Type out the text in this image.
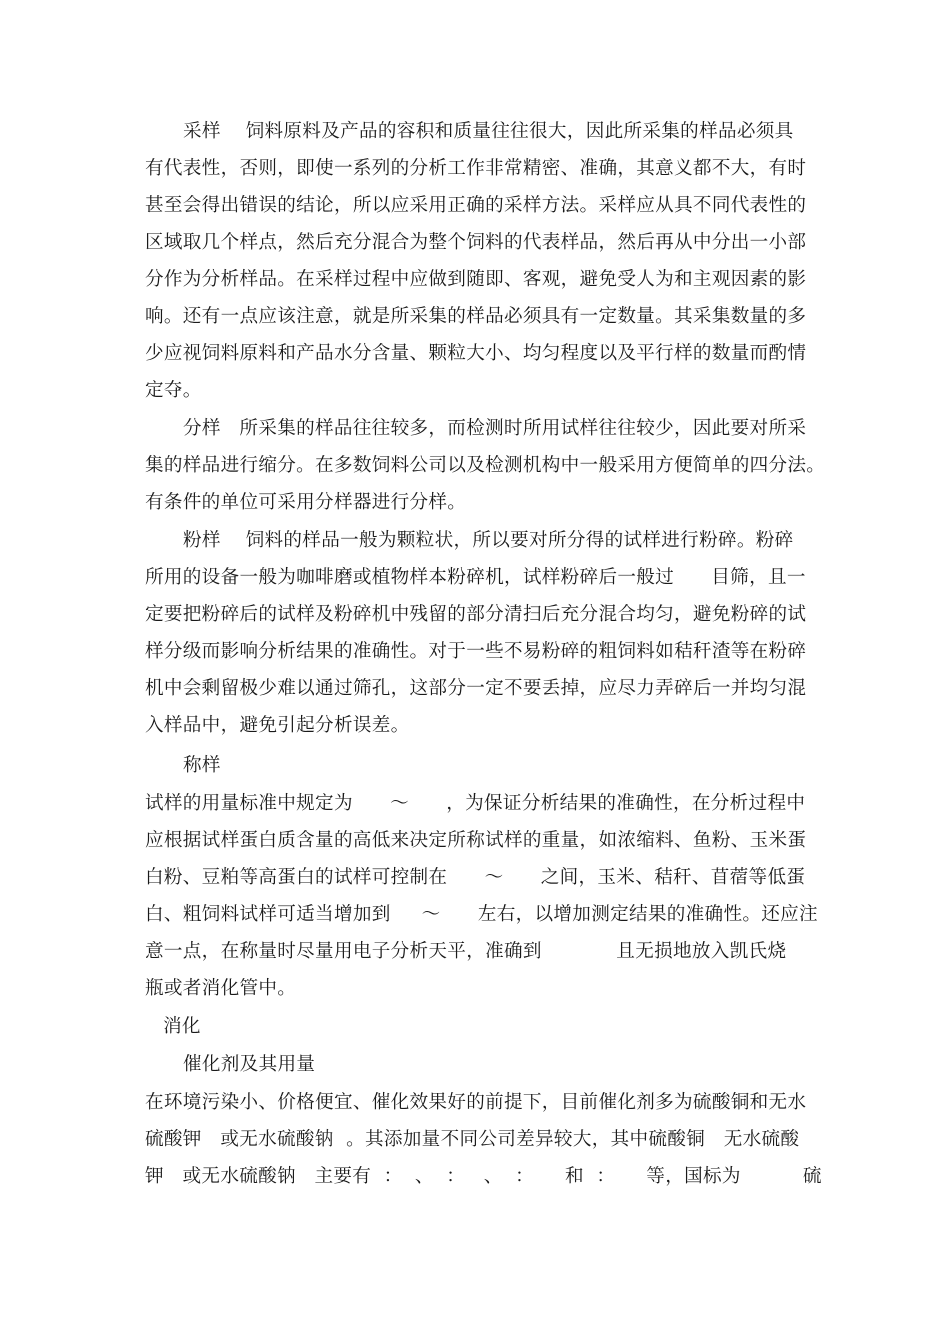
采样    饲料原料及产品的容积和质量往往很大，因此所采集的样品必须具
有代表性，否则，即使一系列的分析工作非常精密、准确，其意义都不大，有时
甚至会得出错误的结论，所以应采用正确的采样方法。采样应从具不同代表性的
区域取几个样点，然后充分混合为整个饲料的代表样品，然后再从中分出一小部
分作为分析样品。在采样过程中应做到随即、客观，避免受人为和主观因素的影
响。还有一点应该注意，就是所采集的样品必须具有一定数量。其采集数量的多
少应视饲料原料和产品水分含量、颗粒大小、均匀程度以及平行样的数量而酌情
定夺。
分样   所采集的样品往往较多，而检测时所用试样往往较少，因此要对所采
集的样品进行缩分。在多数饲料公司以及检测机构中一般采用方便简单的四分法。
有条件的单位可采用分样器进行分样。
粉样    饲料的样品一般为颗粒状，所以要对所分得的试样进行粉碎。粉碎
所用的设备一般为咖啡磨或植物样本粉碎机，试样粉碎后一般过      目筛，且一
定要把粉碎后的试样及粉碎机中残留的部分清扫后充分混合均匀，避免粉碎的试
样分级而影响分析结果的准确性。对于一些不易粉碎的粗饲料如秸秆渣等在粉碎
机中会剩留极少难以通过筛孔，这部分一定不要丢掉，应尽力弄碎后一并均匀混
入样品中，避免引起分析误差。
称样
试样的用量标准中规定为      ～      ，为保证分析结果的准确性，在分析过程中
应根据试样蛋白质含量的高低来决定所称试样的重量，如浓缩料、鱼粉、玉米蛋
白粉、豆粕等高蛋白的试样可控制在      ～      之间，玉米、秸秆、苜蓿等低蛋
白、粗饲料试样可适当增加到     ～      左右，以增加测定结果的准确性。还应注
意一点，在称量时尽量用电子分析天平，准确到            且无损地放入凯氏烧
瓶或者消化管中。
消化
催化剂及其用量
在环境污染小、价格便宜、催化效果好的前提下，目前催化剂多为硫酸铜和无水
硫酸钾   或无水硫酸钠  。其添加量不同公司差异较大，其中硫酸铜   无水硫酸
钾   或无水硫酸钠   主要有  ：  、  ：   、  ：     和  ：     等，国标为          硫
